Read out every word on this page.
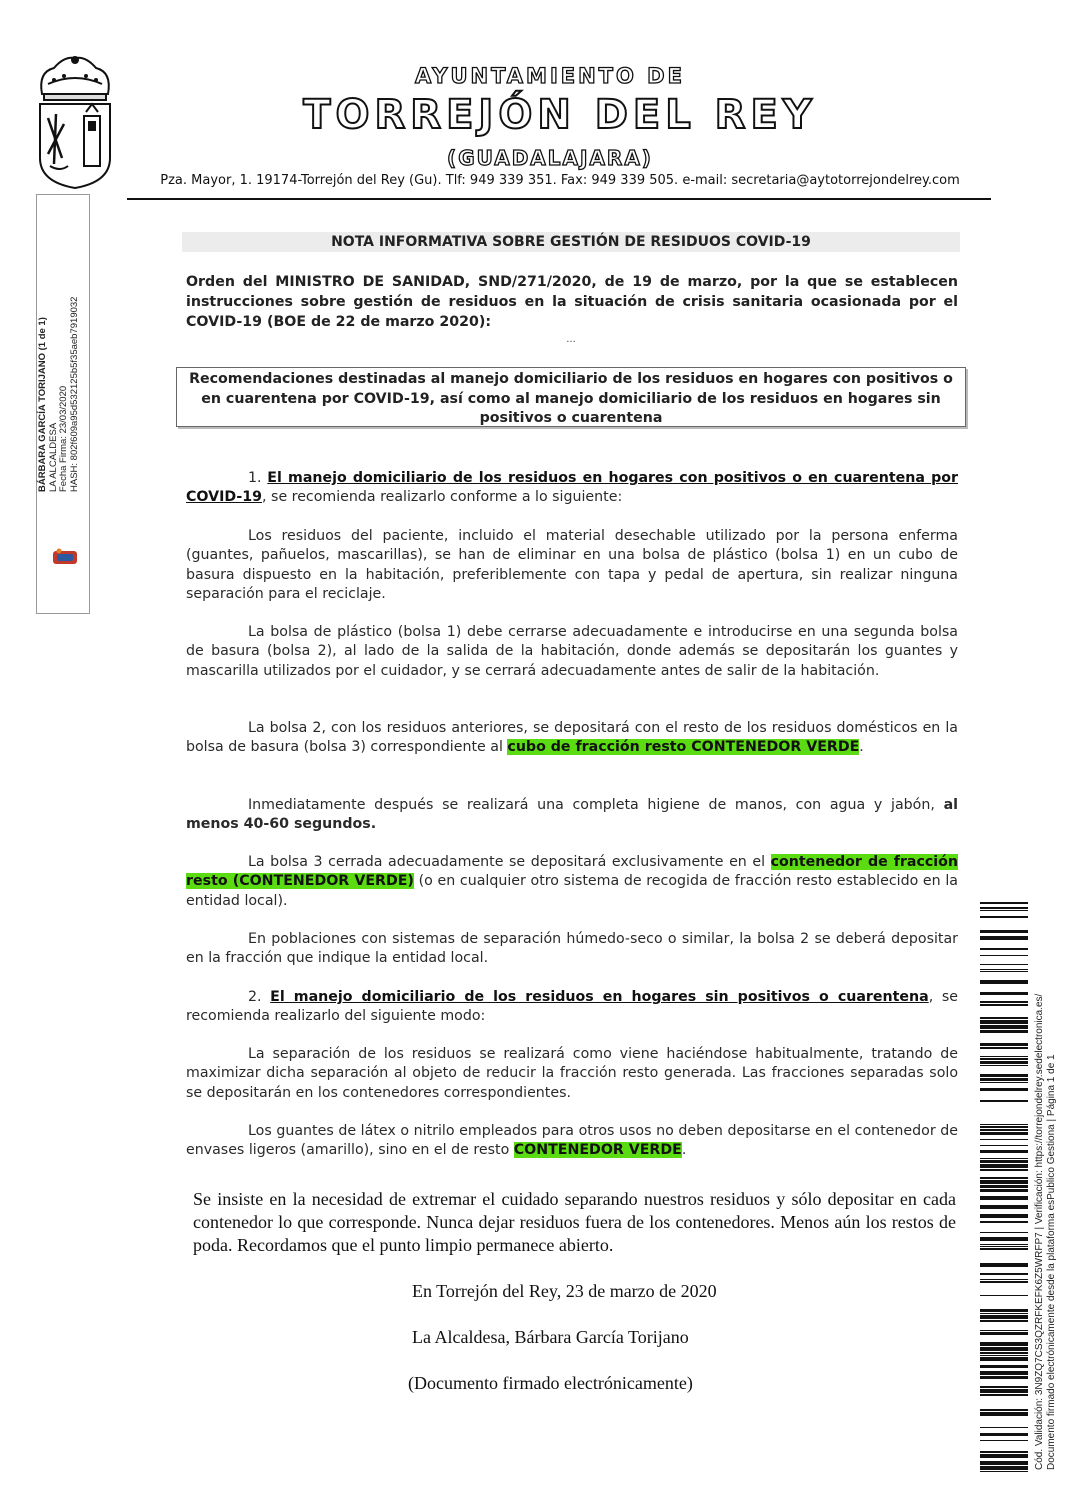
AYUNTAMIENTO DE
TORREJÓN DEL REY
(GUADALAJARA)
Pza. Mayor, 1. 19174-Torrejón del Rey (Gu). Tlf: 949 339 351. Fax: 949 339 505. e-mail: secretaria@aytotorrejondelrey.com
BÁRBARA GARCÍA TORIJANO (1 de 1) LA ALCALDESA Fecha Firma: 23/03/2020 HASH: 802f609a95d532125b5f35aeb7919032
NOTA INFORMATIVA SOBRE GESTIÓN DE RESIDUOS COVID-19
Orden del MINISTRO DE SANIDAD, SND/271/2020, de 19 de marzo, por la que se establecen instrucciones sobre gestión de residuos en la situación de crisis sanitaria ocasionada por el COVID-19 (BOE de 22 de marzo 2020):
...
Recomendaciones destinadas al manejo domiciliario de los residuos en hogares con positivos o en cuarentena por COVID-19, así como al manejo domiciliario de los residuos en hogares sin positivos o cuarentena
1. El manejo domiciliario de los residuos en hogares con positivos o en cuarentena por COVID-19, se recomienda realizarlo conforme a lo siguiente:
Los residuos del paciente, incluido el material desechable utilizado por la persona enferma (guantes, pañuelos, mascarillas), se han de eliminar en una bolsa de plástico (bolsa 1) en un cubo de basura dispuesto en la habitación, preferiblemente con tapa y pedal de apertura, sin realizar ninguna separación para el reciclaje.
La bolsa de plástico (bolsa 1) debe cerrarse adecuadamente e introducirse en una segunda bolsa de basura (bolsa 2), al lado de la salida de la habitación, donde además se depositarán los guantes y mascarilla utilizados por el cuidador, y se cerrará adecuadamente antes de salir de la habitación.
La bolsa 2, con los residuos anteriores, se depositará con el resto de los residuos domésticos en la bolsa de basura (bolsa 3) correspondiente al cubo de fracción resto CONTENEDOR VERDE.
Inmediatamente después se realizará una completa higiene de manos, con agua y jabón, al menos 40-60 segundos.
La bolsa 3 cerrada adecuadamente se depositará exclusivamente en el contenedor de fracción resto (CONTENEDOR VERDE) (o en cualquier otro sistema de recogida de fracción resto establecido en la entidad local).
En poblaciones con sistemas de separación húmedo-seco o similar, la bolsa 2 se deberá depositar en la fracción que indique la entidad local.
2. El manejo domiciliario de los residuos en hogares sin positivos o cuarentena, se recomienda realizarlo del siguiente modo:
La separación de los residuos se realizará como viene haciéndose habitualmente, tratando de maximizar dicha separación al objeto de reducir la fracción resto generada. Las fracciones separadas solo se depositarán en los contenedores correspondientes.
Los guantes de látex o nitrilo empleados para otros usos no deben depositarse en el contenedor de envases ligeros (amarillo), sino en el de resto CONTENEDOR VERDE.
Se insiste en la necesidad de extremar el cuidado separando nuestros residuos y sólo depositar en cada contenedor lo que corresponde. Nunca dejar residuos fuera de los contenedores. Menos aún los restos de poda. Recordamos que el punto limpio permanece abierto.
En Torrejón del Rey, 23 de marzo de 2020
La Alcaldesa, Bárbara García Torijano
(Documento firmado electrónicamente)	Cód. Validación: 3N9ZQ7CS3QZRFKEFK6Z5WRFP7 | Verificación: https://torrejondelrey.sedelectronica.es/ Documento firmado electrónicamente desde la plataforma esPublico Gestiona | Página 1 de 1
